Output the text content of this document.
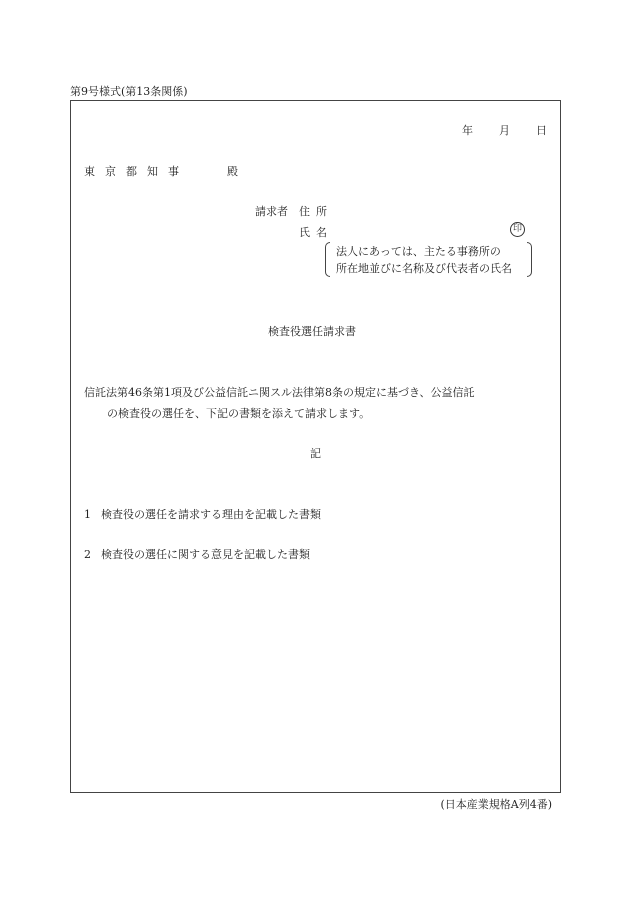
第9号様式(第13条関係)
年 月 日
東京都知事	殿
請求者 住所
氏名	印
法人にあっては、主たる事務所の
所在地並びに名称及び代表者の氏名
検査役選任請求書
信託法第46条第1項及び公益信託ニ関スル法律第8条の規定に基づき、公益信託
の検査役の選任を、下記の書類を添えて請求します。
記
1 検査役の選任を請求する理由を記載した書類
2 検査役の選任に関する意見を記載した書類
(日本産業規格A列4番)
